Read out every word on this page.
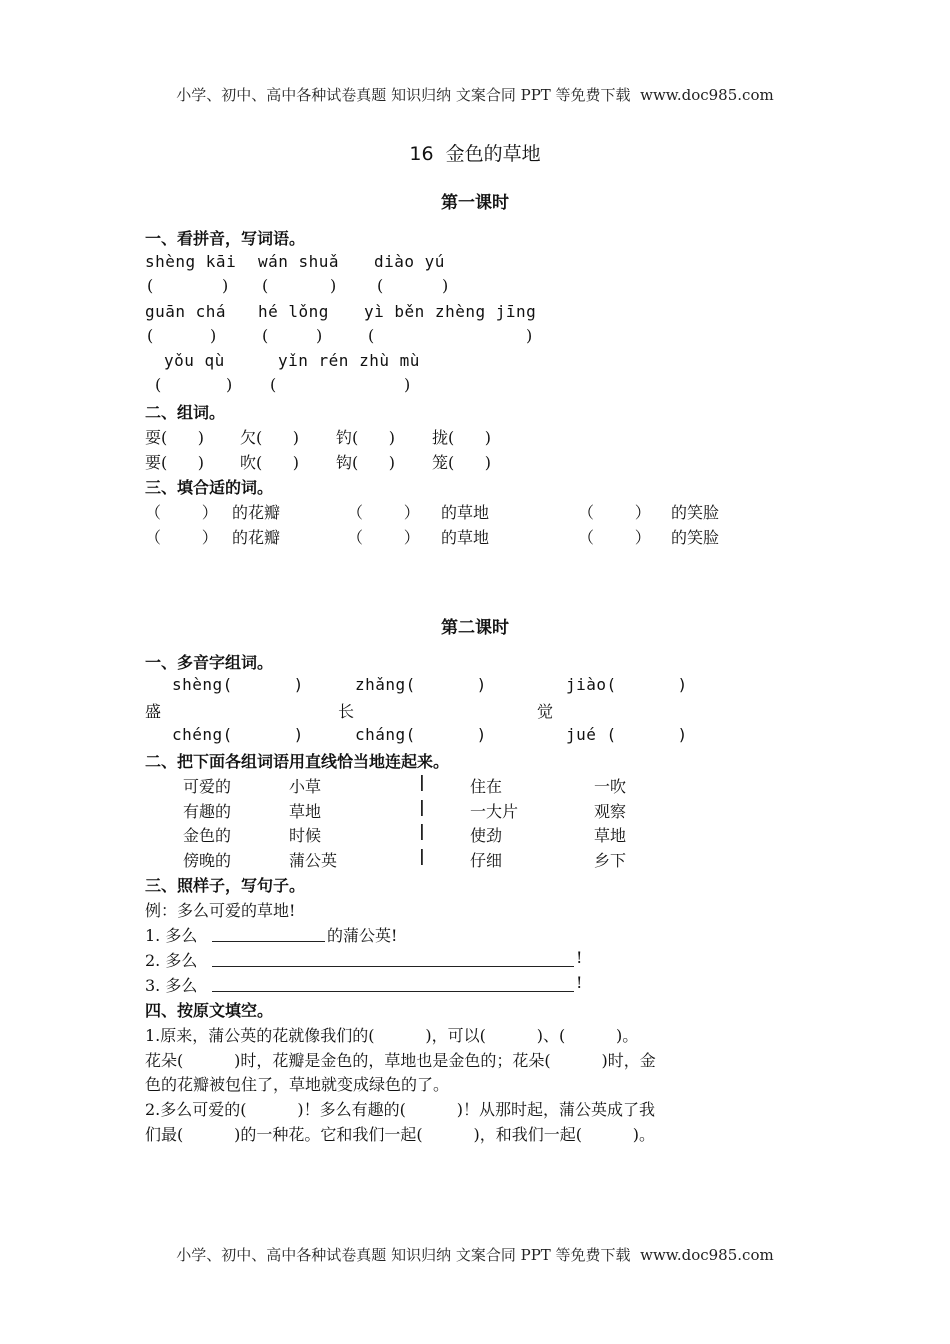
小学、初中、高中各种试卷真题 知识归纳 文案合同 PPT 等免费下载  www.doc985.com
小学、初中、高中各种试卷真题 知识归纳 文案合同 PPT 等免费下载  www.doc985.com
16  金色的草地
第一课时
一、看拼音，写词语。
shèng kāi wán shuǎ diào yú
(	) (	)	(	)
guān chá hé lǒng yì běn zhèng jīng
(	)	(	)	(	)
yǒu qù	yǐn rén zhù mù
(	) (	)
二、组词。
耍(      ) 欠(      ) 钓(      ) 拢(      )
要(      ) 吹(      ) 钩(      ) 笼(      )
三、填合适的词。
（        ） 的花瓣	（        ） 的草地	（        ） 的笑脸
（        ） 的花瓣	（        ） 的草地	（        ） 的笑脸
第二课时
一、多音字组词。
shèng(      )	zhǎng(      )	jiào(      )
盛	长	觉
chéng(      )	cháng(      )	jué (      )
二、把下面各组词语用直线恰当地连起来。
可爱的	小草	|	住在	一吹
有趣的	草地	|	一大片	观察
金色的	时候	|	使劲	草地
傍晚的	蒲公英	|	仔细	乡下
三、照样子，写句子。
例：多么可爱的草地!
1. 多么	的蒲公英!
2. 多么	!
3. 多么	!
四、按原文填空。
1.原来，蒲公英的花就像我们的(          )，可以(          )、(          )。
花朵(          )时，花瓣是金色的，草地也是金色的；花朵(          )时，金
色的花瓣被包住了，草地就变成绿色的了。
2.多么可爱的(          )！多么有趣的(          )！从那时起，蒲公英成了我
们最(          )的一种花。它和我们一起(          )，和我们一起(          )。
